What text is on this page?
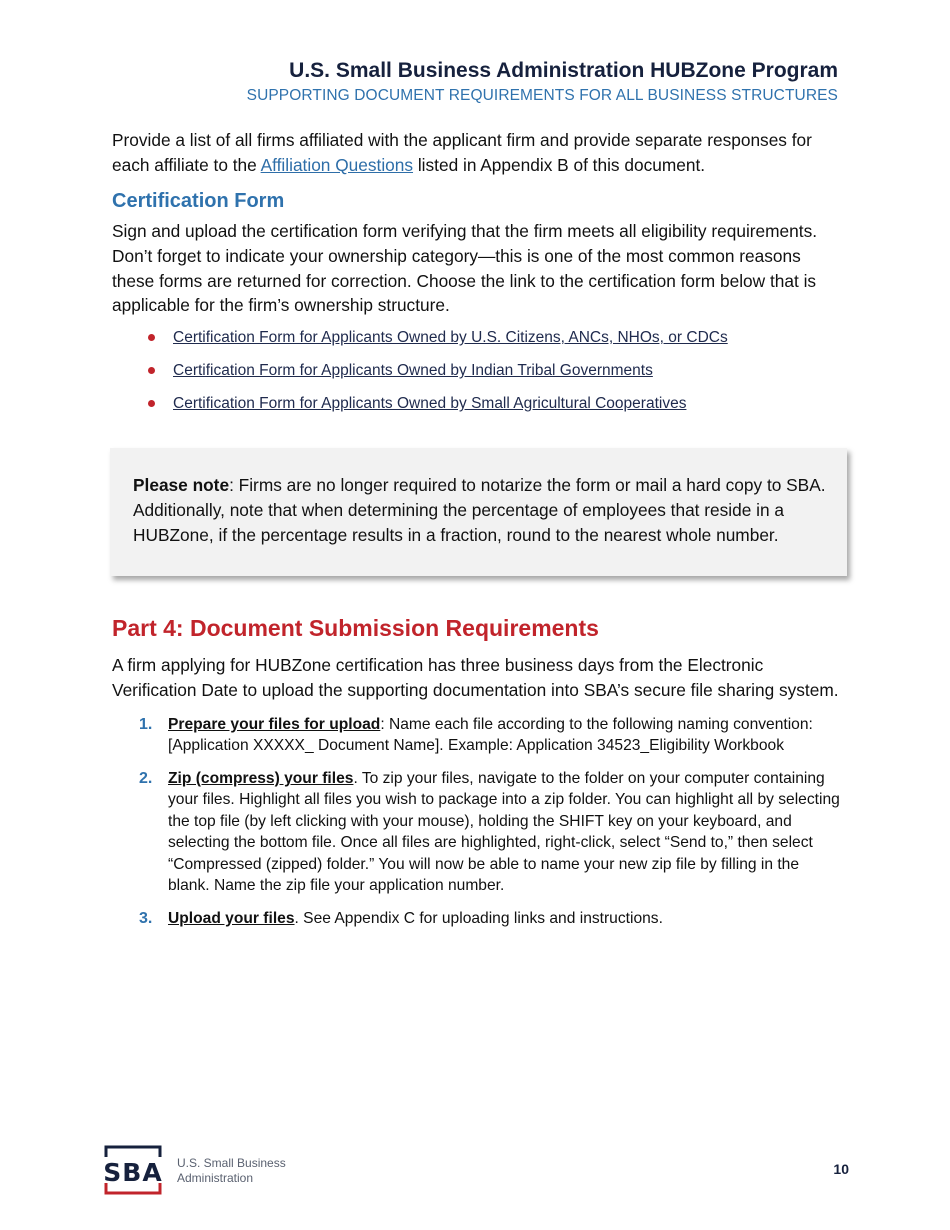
U.S. Small Business Administration HUBZone Program
SUPPORTING DOCUMENT REQUIREMENTS FOR ALL BUSINESS STRUCTURES

Provide a list of all firms affiliated with the applicant firm and provide separate responses for each affiliate to the Affiliation Questions listed in Appendix B of this document.

Certification Form

Sign and upload the certification form verifying that the firm meets all eligibility requirements. Don’t forget to indicate your ownership category—this is one of the most common reasons these forms are returned for correction. Choose the link to the certification form below that is applicable for the firm’s ownership structure.

Certification Form for Applicants Owned by U.S. Citizens, ANCs, NHOs, or CDCs
Certification Form for Applicants Owned by Indian Tribal Governments
Certification Form for Applicants Owned by Small Agricultural Cooperatives

Please note: Firms are no longer required to notarize the form or mail a hard copy to SBA. Additionally, note that when determining the percentage of employees that reside in a HUBZone, if the percentage results in a fraction, round to the nearest whole number.

Part 4: Document Submission Requirements

A firm applying for HUBZone certification has three business days from the Electronic Verification Date to upload the supporting documentation into SBA’s secure file sharing system.

1. Prepare your files for upload: Name each file according to the following naming convention: [Application XXXXX_ Document Name]. Example: Application 34523_Eligibility Workbook
2. Zip (compress) your files. To zip your files, navigate to the folder on your computer containing your files. Highlight all files you wish to package into a zip folder. You can highlight all by selecting the top file (by left clicking with your mouse), holding the SHIFT key on your keyboard, and selecting the bottom file. Once all files are highlighted, right-click, select “Send to,” then select “Compressed (zipped) folder.” You will now be able to name your new zip file by filling in the blank. Name the zip file your application number.
3. Upload your files. See Appendix C for uploading links and instructions.
SBA U.S. Small Business
Administration
10
